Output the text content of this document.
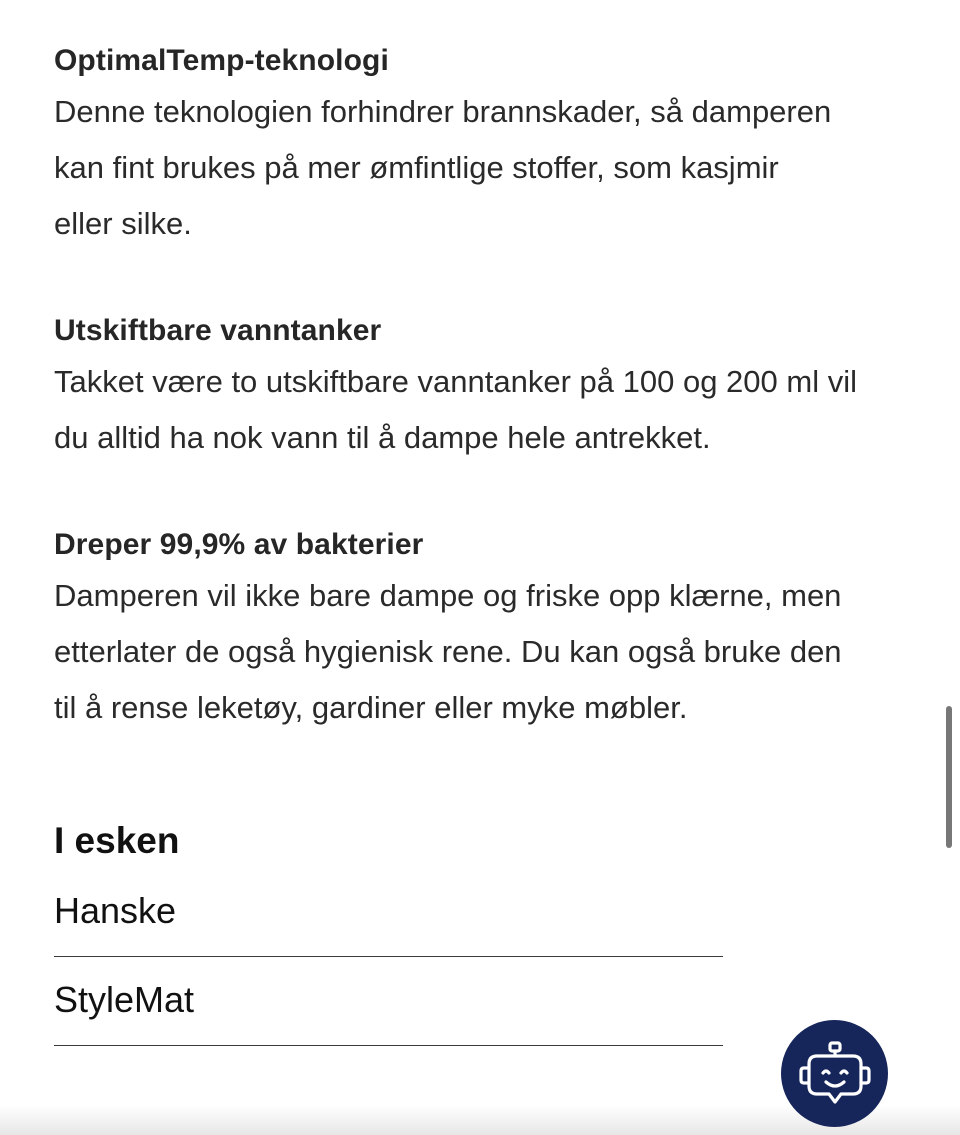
OptimalTemp-teknologi

Denne teknologien forhindrer brannskader, så damperen
kan fint brukes på mer ømfintlige stoffer, som kasjmir
eller silke.

Utskiftbare vanntanker

Takket være to utskiftbare vanntanker på 100 og 200 ml vil
du alltid ha nok vann til å dampe hele antrekket.

Dreper 99,9% av bakterier

Damperen vil ikke bare dampe og friske opp klærne, men
etterlater de også hygienisk rene. Du kan også bruke den
til å rense leketøy, gardiner eller myke møbler.

I esken
Hanske
StyleMat
